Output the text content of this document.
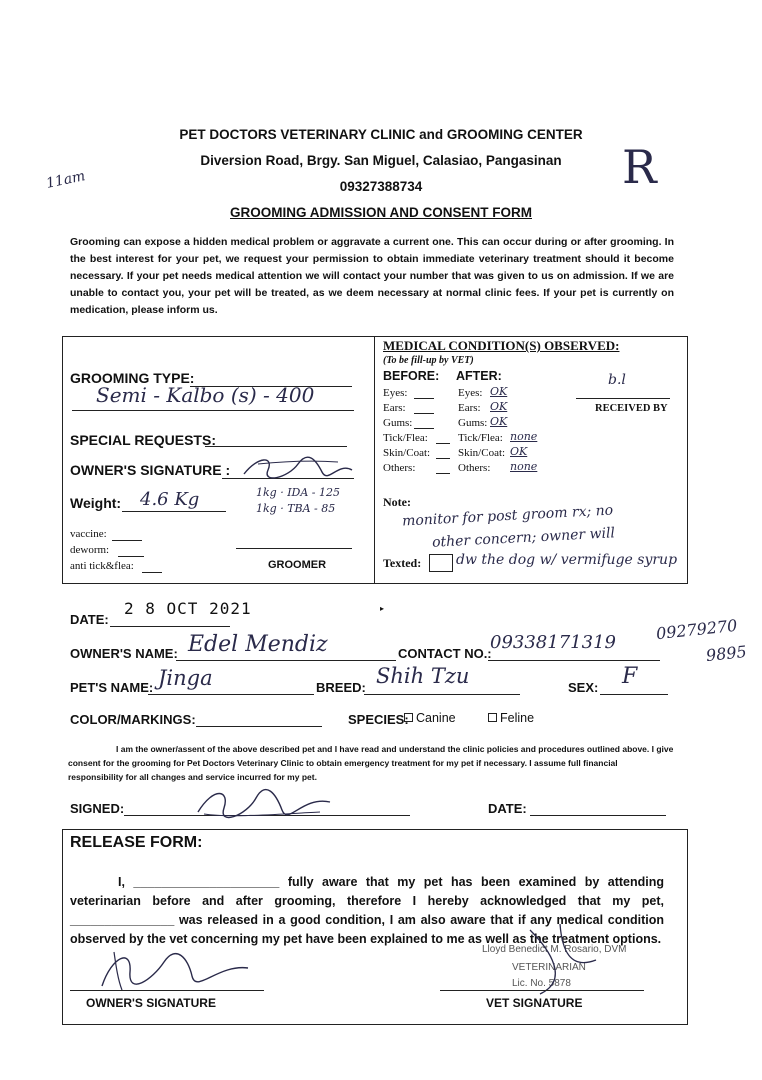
11am	R
PET DOCTORS VETERINARY CLINIC and GROOMING CENTER
Diversion Road, Brgy. San Miguel, Calasiao, Pangasinan
09327388734
GROOMING ADMISSION AND CONSENT FORM
Grooming can expose a hidden medical problem or aggravate a current one. This can occur during or after grooming. In the best interest for your pet, we request your permission to obtain immediate veterinary treatment should it become necessary. If your pet needs medical attention we will contact your number that was given to us on admission. If we are unable to contact you, your pet will be treated, as we deem necessary at normal clinic fees. If your pet is currently on medication, please inform us.
GROOMING TYPE:
Semi - Kalbo (s) - 400
SPECIAL REQUESTS:
OWNER'S SIGNATURE :
Weight: 4.6 Kg	1kg · IDA - 125
1kg · TBA - 85
vaccine:
deworm:
anti tick&flea:	GROOMER
MEDICAL CONDITION(S) OBSERVED:
(To be fill-up by VET)
BEFORE: AFTER:
Eyes:	Eyes: OK
Ears:	Ears: OK
Gums:	Gums: OK
Tick/Flea:	Tick/Flea: none
Skin/Coat:	Skin/Coat: OK
Others:	Others: none
b.l
RECEIVED BY
Note:
monitor for post groom rx; no
other concern; owner will
Texted: dw the dog w/ vermifuge syrup
DATE:
2 8 OCT 2021	▸
OWNER'S NAME: Edel Mendiz	CONTACT NO.:
09338171319 09279270
9895
PET'S NAME: Jinga	BREED: Shih Tzu	SEX: F
COLOR/MARKINGS:	SPECIES: Canine	Feline
I am the owner/assent of the above described pet and I have read and understand the clinic policies and procedures outlined above. I give consent for the grooming for Pet Doctors Veterinary Clinic to obtain emergency treatment for my pet if necessary. I assume full financial responsibility for all changes and service incurred for my pet.
SIGNED:	DATE:
RELEASE FORM:
I, _____________________ fully aware that my pet has been examined by attending veterinarian before and after grooming, therefore I hereby acknowledged that my pet, _______________ was released in a good condition, I am also aware that if any medical condition observed by the vet concerning my pet have been explained to me as well as the treatment options.
OWNER'S SIGNATURE
Lloyd Benedict M. Rosario, DVM
VETERINARIAN
Lic. No. 5878
VET SIGNATURE
